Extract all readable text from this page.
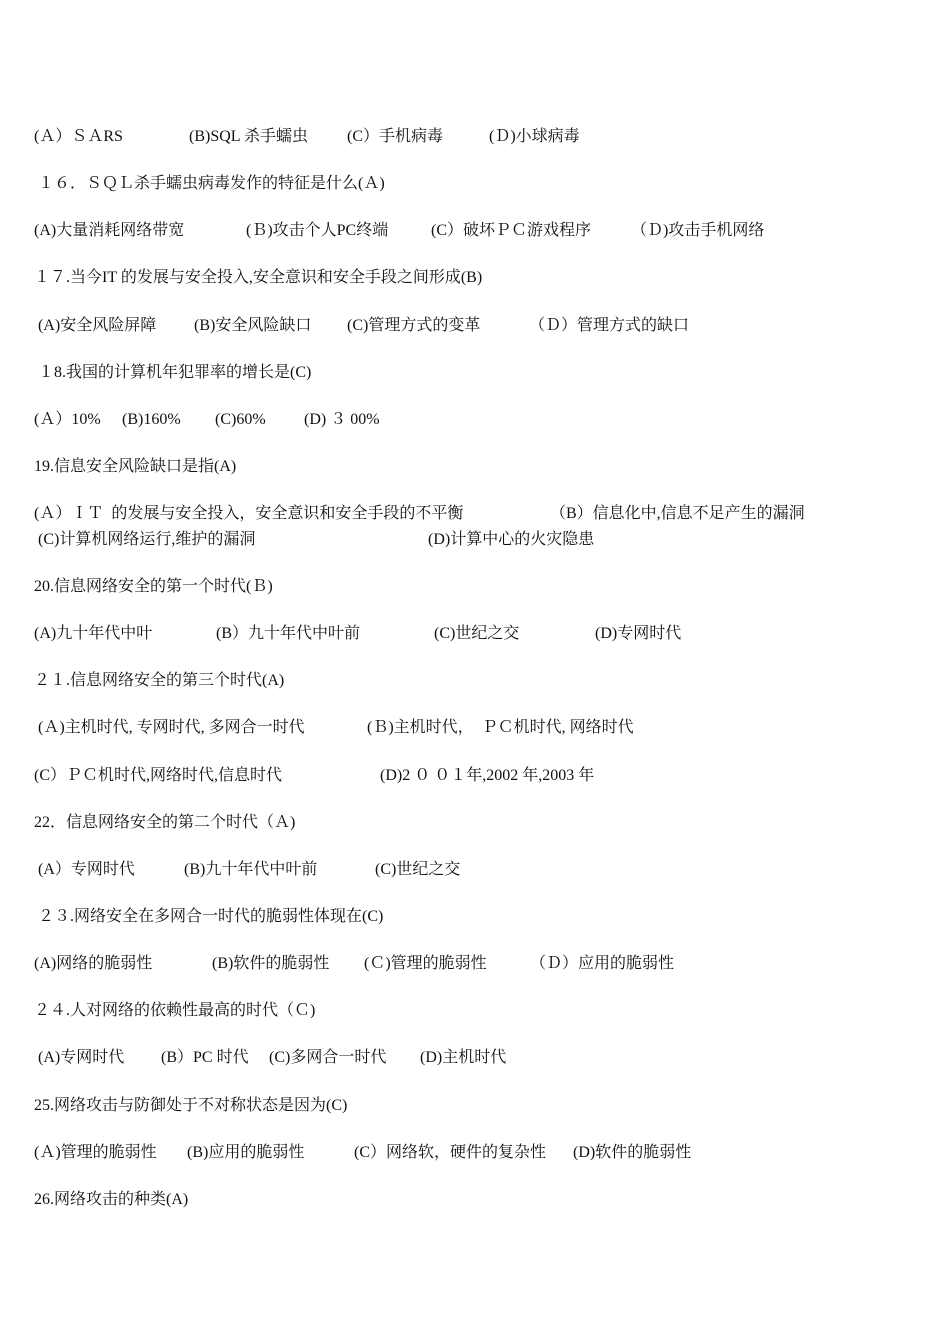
(Ａ）ＳＡRS

	(B)SQL 杀手蠕虫

(C）手机病毒

	(Ｄ)小球病毒

１６．ＳＱＬ杀手蠕虫病毒发作的特征是什么(Ａ)

(A)大量消耗网络带宽

	(Ｂ)攻击个人PC终端

	(C）破坏ＰＣ游戏程序

（Ｄ)攻击手机网络

１７.当今IT 的发展与安全投入,安全意识和安全手段之间形成(B)

(A)安全风险屏障

(B)安全风险缺口

(C)管理方式的变革

	（Ｄ）管理方式的缺口

１8.我国的计算机年犯罪率的增长是(C)

(Ａ）10%

(B)160%

(C)60%

(D) ３ 00%

19.信息安全风险缺口是指(A)

(Ａ）ＩＴ  的发展与安全投入，安全意识和安全手段的不平衡

	（B）信息化中,信息不足产生的漏洞

(C)计算机网络运行,维护的漏洞

	(D)计算中心的火灾隐患

20.信息网络安全的第一个时代(Ｂ)

(A)九十年代中叶

	(B）九十年代中叶前

	(C)世纪之交

	(D)专网时代

２１.信息网络安全的第三个时代(A)

(Ａ)主机时代, 专网时代, 多网合一时代

	(Ｂ)主机时代，  ＰＣ机时代, 网络时代

(C）ＰＣ机时代,网络时代,信息时代

	(D)2 ０ ０１年,2002 年,2003 年

22．信息网络安全的第二个时代（Ａ)

(A）专网时代

	(B)九十年代中叶前

	(C)世纪之交

２３.网络安全在多网合一时代的脆弱性体现在(C)

(A)网络的脆弱性

	(B)软件的脆弱性

(Ｃ)管理的脆弱性

	（Ｄ）应用的脆弱性

２４.人对网络的依赖性最高的时代（Ｃ)

(A)专网时代

(B）PC 时代

(C)多网合一时代

(D)主机时代

25.网络攻击与防御处于不对称状态是因为(C)

(Ａ)管理的脆弱性

(B)应用的脆弱性

	(C）网络软，硬件的复杂性

(D)软件的脆弱性

26.网络攻击的种类(A)
